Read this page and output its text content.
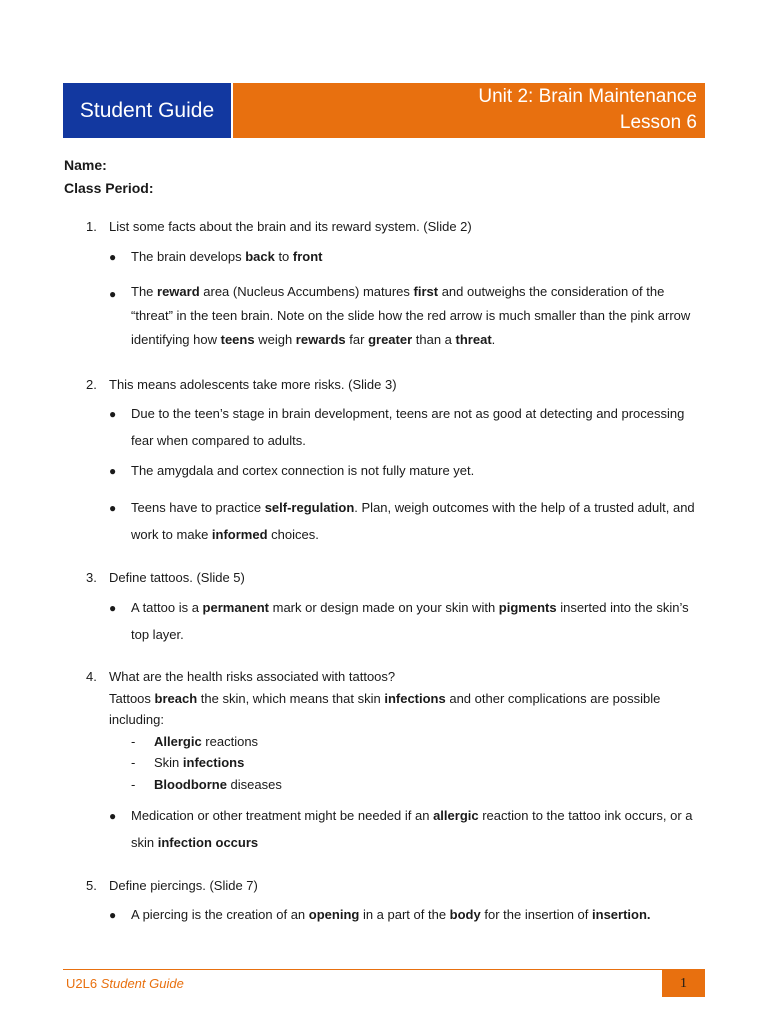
Student Guide
Unit 2: Brain Maintenance
Lesson 6
Name:
Class Period:
1. List some facts about the brain and its reward system. (Slide 2)
● The brain develops back to front
● The reward area (Nucleus Accumbens) matures first and outweighs the consideration of the “threat” in the teen brain. Note on the slide how the red arrow is much smaller than the pink arrow identifying how teens weigh rewards far greater than a threat.
2. This means adolescents take more risks. (Slide 3)
● Due to the teen’s stage in brain development, teens are not as good at detecting and processing fear when compared to adults.
● The amygdala and cortex connection is not fully mature yet.
● Teens have to practice self-regulation. Plan, weigh outcomes with the help of a trusted adult, and work to make informed choices.
3. Define tattoos. (Slide 5)
● A tattoo is a permanent mark or design made on your skin with pigments inserted into the skin’s top layer.
4. What are the health risks associated with tattoos?
Tattoos breach the skin, which means that skin infections and other complications are possible including:
- Allergic reactions
- Skin infections
- Bloodborne diseases
● Medication or other treatment might be needed if an allergic reaction to the tattoo ink occurs, or a skin infection occurs
5. Define piercings. (Slide 7)
● A piercing is the creation of an opening in a part of the body for the insertion of insertion.
U2L6 Student Guide	1
